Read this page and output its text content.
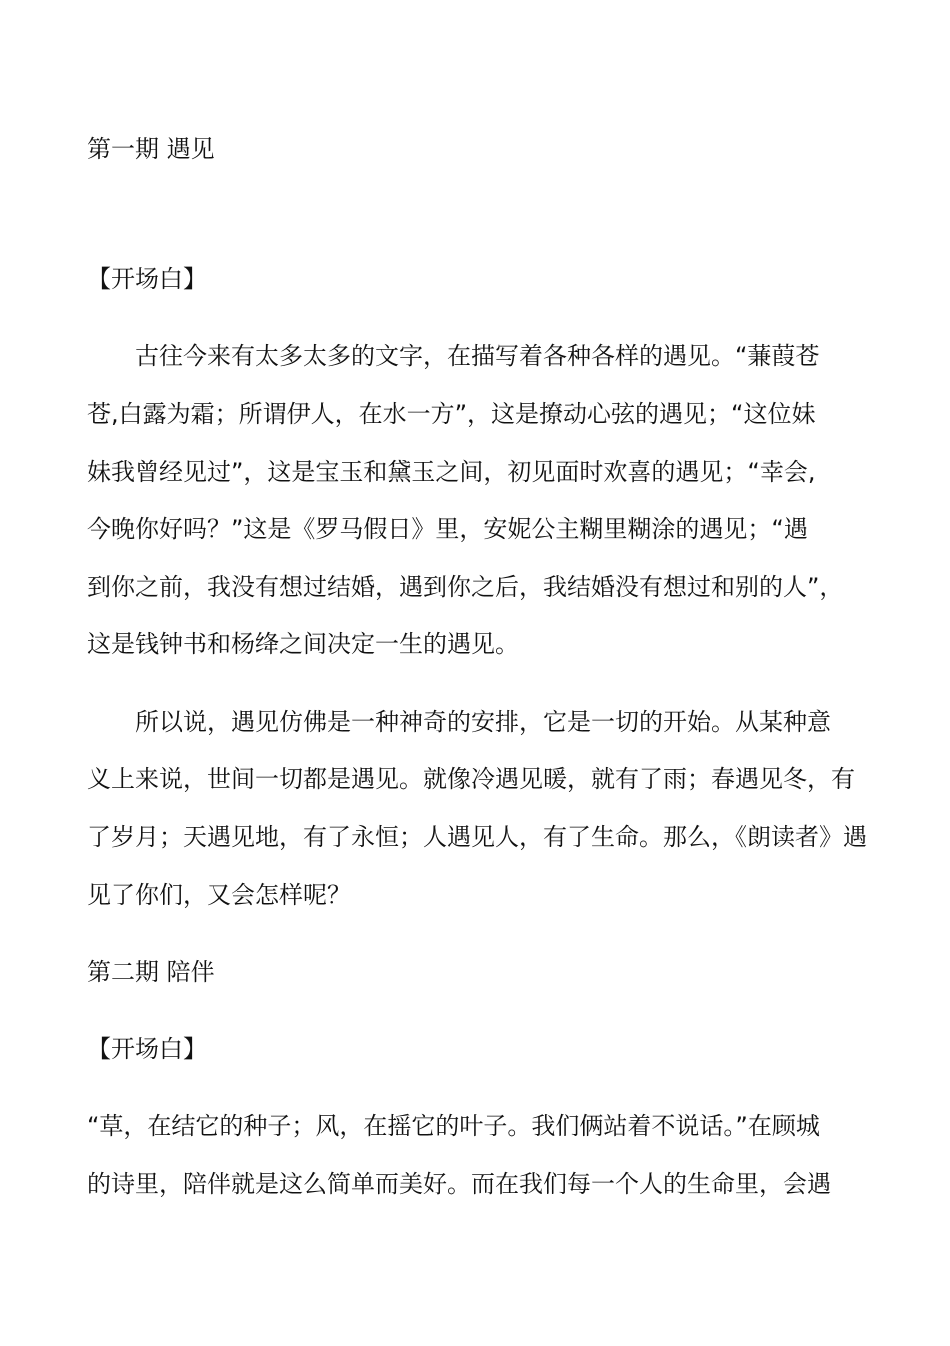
第一期 遇见
【开场白】
　　古往今来有太多太多的文字，在描写着各种各样的遇见。“蒹葭苍
苍,白露为霜；所谓伊人，在水一方”，这是撩动心弦的遇见；“这位妹
妹我曾经见过”，这是宝玉和黛玉之间，初见面时欢喜的遇见；“幸会,
今晚你好吗？”这是《罗马假日》里，安妮公主糊里糊涂的遇见；“遇
到你之前，我没有想过结婚，遇到你之后，我结婚没有想过和别的人”，
这是钱钟书和杨绛之间决定一生的遇见。
　　所以说，遇见仿佛是一种神奇的安排，它是一切的开始。从某种意
义上来说，世间一切都是遇见。就像冷遇见暖，就有了雨；春遇见冬，有
了岁月；天遇见地，有了永恒；人遇见人，有了生命。那么，《朗读者》遇
见了你们，又会怎样呢？
第二期 陪伴
【开场白】
“草，在结它的种子；风，在摇它的叶子。我们俩站着不说话。”在顾城
的诗里，陪伴就是这么简单而美好。而在我们每一个人的生命里，会遇
